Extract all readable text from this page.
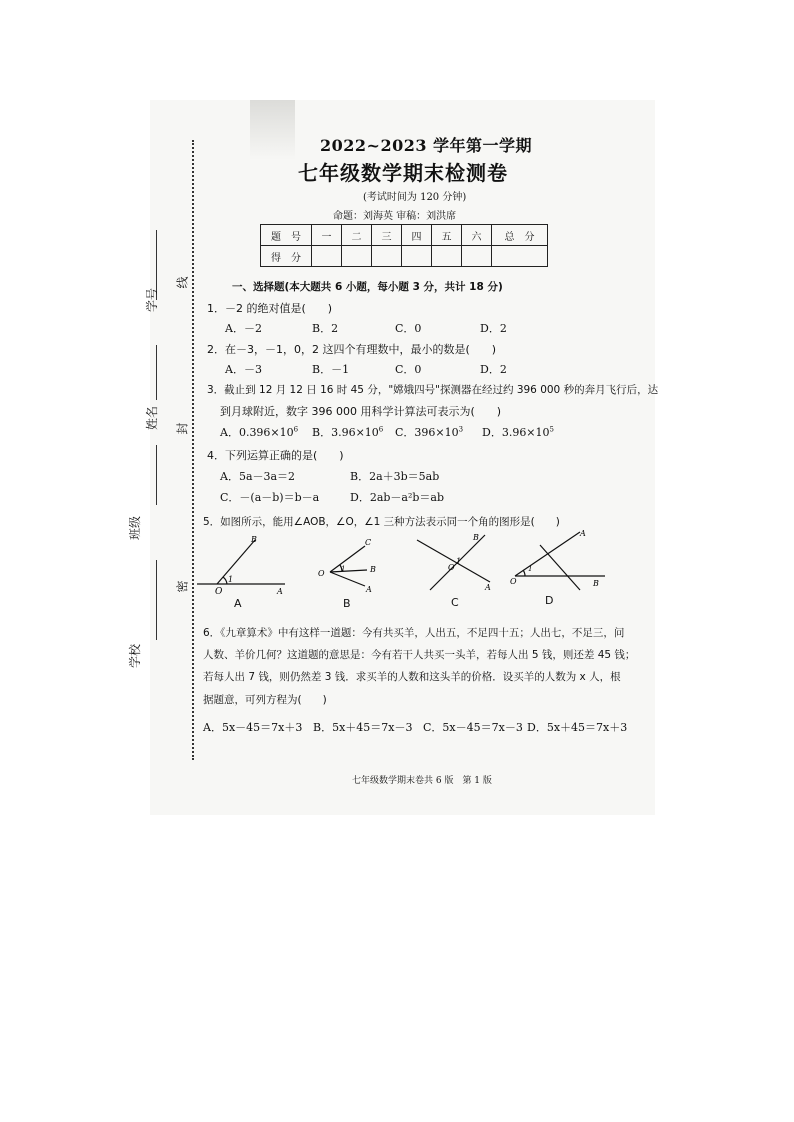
学号
姓名
班级
学校
线
封
密
2022~2023 学年第一学期
七年级数学期末检测卷
(考试时间为 120 分钟)
命题：刘海英 审稿：刘洪席
题　号	一	二	三	四	五	六	总　分
得　分							
一、选择题(本大题共 6 小题，每小题 3 分，共计 18 分)
1．－2 的绝对值是(　　)
A．－2	B．2	C．0	D．2
2．在－3，－1，0，2 这四个有理数中，最小的数是(　　)
A．－3	B．－1	C．0	D．2
3．截止到 12 月 12 日 16 时 45 分，"嫦娥四号"探测器在经过约 396 000 秒的奔月飞行后，达
到月球附近，数字 396 000 用科学计算法可表示为(　　)
A．$0.396\times 10^6$ B．$3.96\times 10^6$ C．$396\times 10^3$ D．$3.96\times 10^5$
4．下列运算正确的是(　　)
A．5a－3a＝2	B．2a＋3b＝5ab
C．－(a－b)＝b－a	D．2ab－a²b＝ab
5．如图所示，能用∠AOB，∠O，∠1 三种方法表示同一个角的图形是(　　)
B
1
O	A
C
B
A
O 1
B
1
O
A
A
1
O	B
A	B	C	D
6．《九章算术》中有这样一道题：今有共买羊，人出五，不足四十五；人出七，不足三，问
人数、羊价几何？这道题的意思是：今有若干人共买一头羊，若每人出 5 钱，则还差 45 钱；
若每人出 7 钱，则仍然差 3 钱．求买羊的人数和这头羊的价格．设买羊的人数为 x 人，根
据题意，可列方程为(　　)
A．5x－45＝7x＋3 B．5x＋45＝7x－3 C．5x－45＝7x－3 D．5x＋45＝7x＋3
七年级数学期末卷共 6 版　第 1 版
